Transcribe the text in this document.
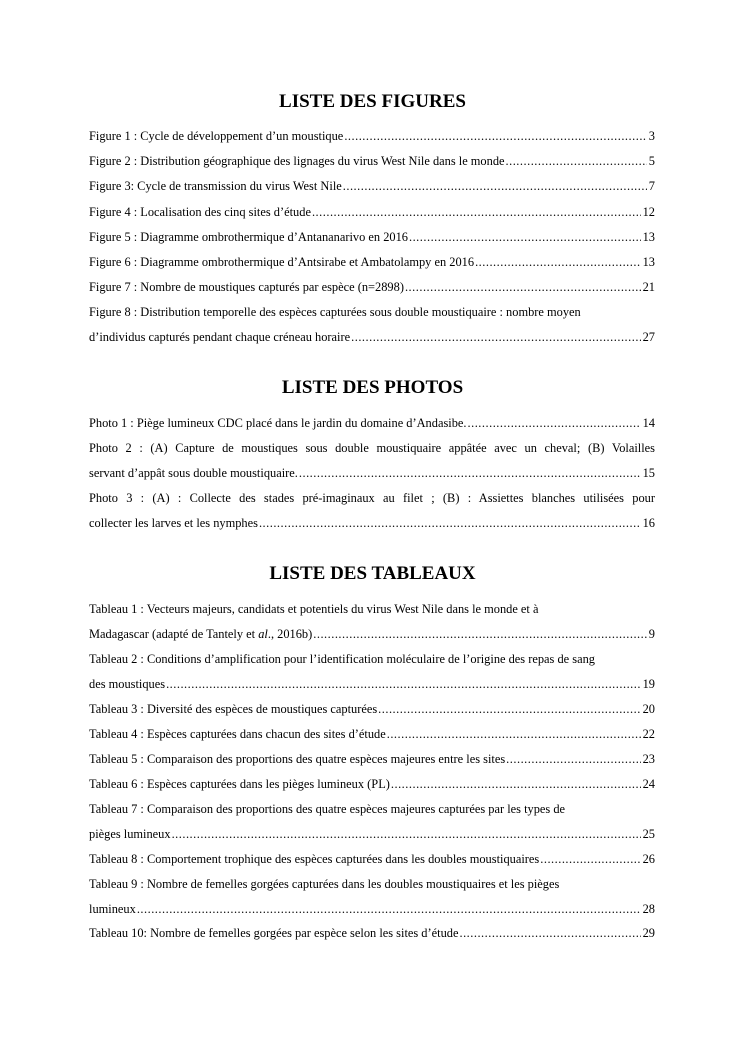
LISTE DES FIGURES
Figure 1 : Cycle de développement d’un moustique .....	3
Figure 2 : Distribution géographique des lignages du virus West Nile dans le monde .....	5
Figure 3: Cycle de transmission du virus West Nile .....	7
Figure 4 : Localisation des cinq sites d’étude .....	12
Figure 5 : Diagramme ombrothermique d’Antananarivo en 2016 .....	13
Figure 6 : Diagramme ombrothermique d’Antsirabe et Ambatolampy en 2016 .....	13
Figure 7 : Nombre de moustiques capturés par espèce (n=2898) .....	21
Figure 8 : Distribution temporelle des espèces capturées sous double moustiquaire : nombre moyen
d’individus capturés pendant chaque créneau horaire .....	27
LISTE DES PHOTOS
Photo 1 : Piège lumineux CDC placé dans le jardin du domaine d’Andasibe. .....	14
Photo 2 : (A) Capture de moustiques sous double moustiquaire appâtée avec un cheval; (B) Volailles
servant d’appât sous double moustiquaire. .....	15
Photo 3 : (A) : Collecte des stades pré-imaginaux au filet ; (B) : Assiettes blanches utilisées pour
collecter les larves et les nymphes .....	16
LISTE DES TABLEAUX
Tableau 1 : Vecteurs majeurs, candidats et potentiels du virus West Nile dans le monde et à
Madagascar (adapté de Tantely et al., 2016b) .....	9
Tableau 2 : Conditions d’amplification pour l’identification moléculaire de l’origine des repas de sang
des moustiques .....	19
Tableau 3 : Diversité des espèces de moustiques capturées .....	20
Tableau 4 : Espèces capturées dans chacun des sites d’étude .....	22
Tableau 5 : Comparaison des proportions des quatre espèces majeures entre les sites .....	23
Tableau 6 : Espèces capturées dans les pièges lumineux (PL) .....	24
Tableau 7 : Comparaison des proportions des quatre espèces majeures capturées par les types de
pièges lumineux .....	25
Tableau 8 : Comportement trophique des espèces capturées dans les doubles moustiquaires .....	26
Tableau 9 : Nombre de femelles gorgées capturées dans les doubles moustiquaires et les pièges
lumineux .....	28
Tableau 10: Nombre de femelles gorgées par espèce selon les sites d’étude .....	29
